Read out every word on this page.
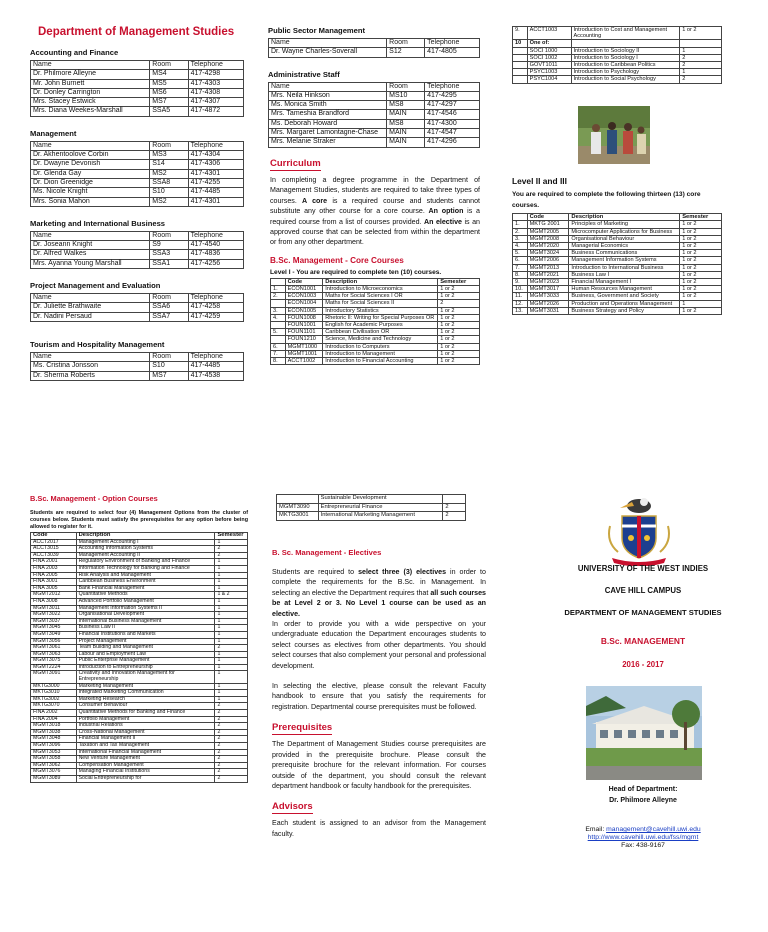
Department of Management Studies
Accounting and Finance
Name	Room	Telephone
Dr. Philmore Alleyne	MS4	417-4298
Mr. John Burnett	MS5	417-4303
Dr. Donley Carrington	MS6	417-4308
Mrs. Stacey Estwick	MS7	417-4307
Mrs. Diana Weekes-Marshall	SSA5	417-4872
Management
Name	Room	Telephone
Dr. Akhentoolove Corbin	MS3	417-4304
Dr. Dwayne Devonish	S14	417-4306
Dr. Glenda Gay	MS2	417-4301
Dr. Dion Greenidge	SSA8	417-4255
Ms. Nicole Knight	S10	417-4485
Mrs. Sonia Mahon	MS2	417-4301
Marketing and International Business
Name	Room	Telephone
Dr. Joseann Knight	S9	417-4540
Dr. Alfred Walkes	SSA3	417-4836
Mrs. Ayanna Young Marshall	SSA1	417-4256
Project Management and Evaluation
Name	Room	Telephone
Dr. Juliette Brathwaite	SSA6	417-4258
Dr. Nadini Persaud	SSA7	417-4259
Tourism and Hospitality Management
Name	Room	Telephone
Ms. Cristina Jonsson	S10	417-4485
Dr. Sherma Roberts	MS7	417-4538
Public Sector Management
Name	Room	Telephone
Dr. Wayne Charles-Soverall	S12	417-4805
Administrative Staff
Name	Room	Telephone
Mrs. Neila Hinkson	MS10	417-4295
Ms. Monica Smith	MS8	417-4297
Mrs. Tameshia Brandford	MAIN	417-4546
Ms. Deborah Howard	MS8	417-4300
Mrs. Margaret Lamontagne-Chase	MAIN	417-4547
Mrs. Melanie Straker	MAIN	417-4296
Curriculum
In completing a degree programme in the Department of Management Studies, students are required to take three types of courses. A core is a required course and students cannot substitute any other course for a core course. An option is a required course from a list of courses provided. An elective is an approved course that can be selected from within the department or from any other department.
B.Sc. Management - Core Courses
Level I - You are required to complete ten (10) courses.
	Code	Description	Semester
1.	ECON1001	Introduction to Microeconomics	1 or 2
2.	ECON1003	Maths for Social Sciences I OR	1 or 2
	ECON1004	Maths for Social Sciences II	2
3.	ECON1005	Introductory Statistics	1 or 2
4.	FOUN1008	Rhetoric II: Writing for Special Purposes OR	1 or 2
	FOUN1001	English for Academic Purposes	1 or 2
5.	FOUN1101	Caribbean Civilisation OR	1 or 2
	FOUN1210	Science, Medicine and Technology	1 or 2
6.	MGMT1000	Introduction to Computers	1 or 2
7.	MGMT1001	Introduction to Management	1 or 2
8.	ACCT1002	Introduction to Financial Accounting	1 or 2
9.	ACCT1003	Introduction to Cost and Management Accounting	1 or 2
10	One of:		
	SOCI 1000	Introduction to Sociology II	1
	SOCI 1002	Introduction to Sociology I	2
	GOVT1011	Introduction to Caribbean Politics	2
	PSYC1003	Introduction to Psychology	1
	PSYC1004	Introduction to Social Psychology	2
Level II and III
You are required to complete the following thirteen (13) core courses.
	Code	Description	Semester
1.	MKTG 2001	Principles of Marketing	1 or 2
2.	MGMT2005	Microcomputer Applications for Business	1 or 2
3.	MGMT2008	Organisational Behaviour	1 or 2
4.	MGMT2020	Managerial Economics	1 or 2
5.	MGMT3024	Business Communications	1 or 2
6.	MGMT2006	Management Information Systems	1 or 2
7.	MGMT2013	Introduction to International Business	1 or 2
8.	MGMT2021	Business Law I	1 or 2
9.	MGMT2023	Financial Management I	1 or 2
10.	MGMT3017	Human Resources Management	1 or 2
11.	MGMT3033	Business, Government and Society	1 or 2
12.	MGMT2026	Production and Operations Management	1
13.	MGMT3031	Business Strategy and Policy	1 or 2
B.Sc. Management - Option Courses
Students are required to select four (4) Management Options from the cluster of courses below. Students must satisfy the prerequisites for any option before being allowed to register for it.
Code	Description	Semester
ACCT2017	Management Accounting I	1
ACCT3015	Accounting Information Systems	2
ACCT3039	Management Accounting II	2
FINA 2001	Regulatory Environment of Banking and Finance	1
FINA 2003	Information Technology for Banking and Finance	1
FINA 2005	Risk Analysis and Management	1
FINA 3001	Caribbean Business Environment	1
FINA 3005	Bank Financial Management	1
MGMT2012	Quantitative Methods	1 & 2
FINA 3008	Advanced Portfolio Management	1
MGMT3011	Management Information Systems II	1
MGMT3022	Organisational Development	1
MGMT3037	International Business Management	1
MGMT3045	Business Law II	1
MGMT3049	Financial Institutions and Markets	1
MGMT3056	Project Management	1
MGMT3061	Team Building and Management	2
MGMT3063	Labour and Employment Law	1
MGMT3075	Public Enterprise Management	1
MGMT2224	Introduction to Entrepreneurship	1
MGMT3091	Creativity and Innovation Management for Entrepreneurship	1
MKTG3000	Marketing Management	1
MKTG3010	Integrated Marketing Communication	1
MKTG3002	Marketing Research	1
MKTG3070	Consumer Behaviour	2
FINA 2002	Quantitative Methods for Banking and Finance	2
FINA 2004	Portfolio Management	2
MGMT3018	Industrial Relations	2
MGMT3038	Cross-National Management	2
MGMT3048	Financial Management II	2
MGMT3096	Taxation and Tax Management	2
MGMT3053	International Financial Management	2
MGMT3058	New Venture Management	2
MGMT3062	Compensation Management	2
MGMT3076	Managing Financial Institutions	2
MGMT3089	Social Entrepreneurship for	2
	Sustainable Development	
MGMT3090	Entrepreneurial Finance	2
MKTG3001	International Marketing Management	2
B. Sc. Management - Electives
Students are required to select three (3) electives in order to complete the requirements for the B.Sc. in Management. In selecting an elective the Department requires that all such courses be at Level 2 or 3. No Level 1 course can be used as an elective.
In order to provide you with a wide perspective on your undergraduate education the Department encourages students to select courses as electives from other departments. You should select courses that also complement your personal and professional development.
In selecting the elective, please consult the relevant Faculty handbook to ensure that you satisfy the requirements for registration. Departmental course prerequisites must be followed.
Prerequisites
The Department of Management Studies course prerequisites are provided in the prerequisite brochure. Please consult the prerequisite brochure for the relevant information. For courses outside of the department, you should consult the relevant department handbook or faculty handbook for the prerequisites.
Advisors
Each student is assigned to an advisor from the Management faculty.
UNIVERSITY OF THE WEST INDIES
CAVE HILL CAMPUS
DEPARTMENT OF MANAGEMENT STUDIES
B.Sc. MANAGEMENT
2016 - 2017
Head of Department:
Dr. Philmore Alleyne
Email: management@cavehill.uwi.edu
http://www.cavehill.uwi.edu/fss/mgmt
Fax: 438-9167
